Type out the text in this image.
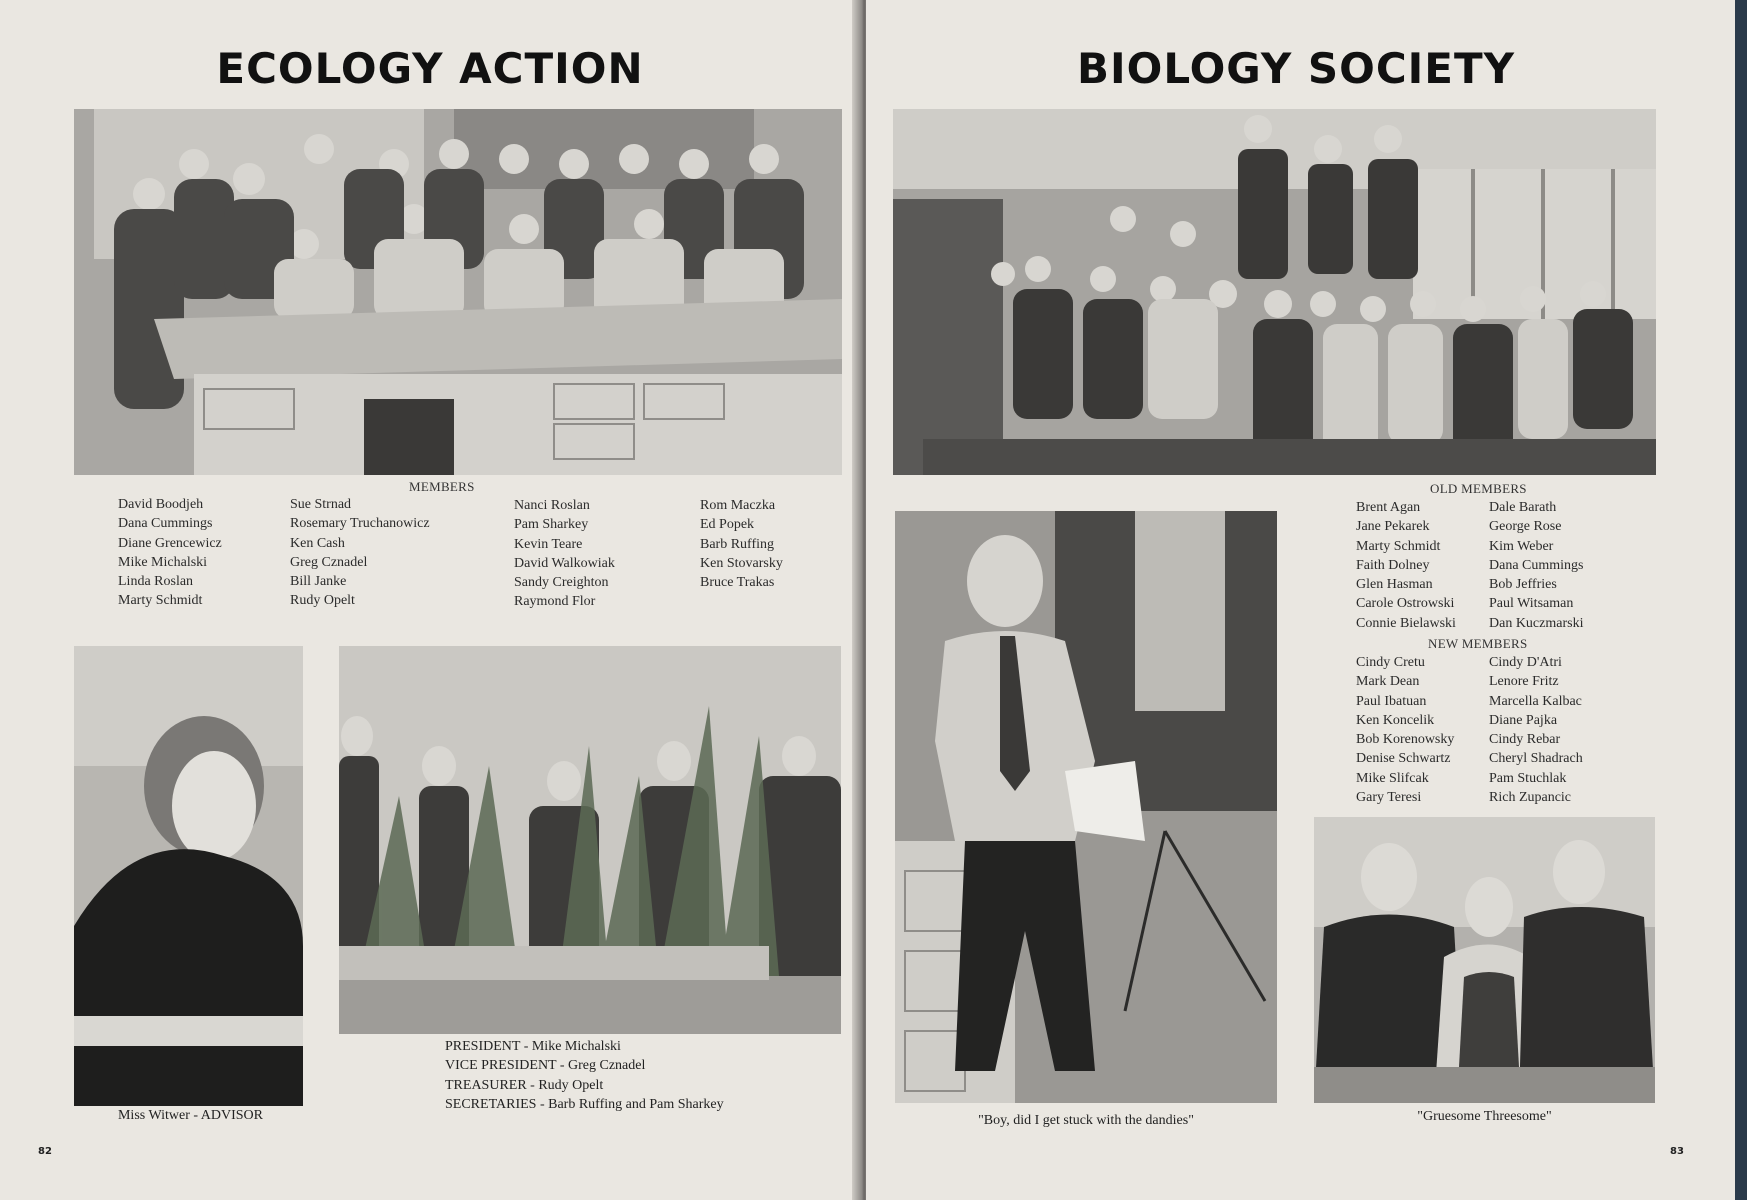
ECOLOGY ACTION
MEMBERS
David Boodjeh
Dana Cummings
Diane Grencewicz
Mike Michalski
Linda Roslan
Marty Schmidt
Sue Strnad
Rosemary Truchanowicz
Ken Cash
Greg Cznadel
Bill Janke
Rudy Opelt
Nanci Roslan
Pam Sharkey
Kevin Teare
David Walkowiak
Sandy Creighton
Raymond Flor
Rom Maczka
Ed Popek
Barb Ruffing
Ken Stovarsky
Bruce Trakas
Miss Witwer - ADVISOR
PRESIDENT - Mike Michalski
VICE PRESIDENT - Greg Cznadel
TREASURER - Rudy Opelt
SECRETARIES - Barb Ruffing and Pam Sharkey
82
BIOLOGY SOCIETY
OLD MEMBERS
Brent Agan
Jane Pekarek
Marty Schmidt
Faith Dolney
Glen Hasman
Carole Ostrowski
Connie Bielawski
Dale Barath
George Rose
Kim Weber
Dana Cummings
Bob Jeffries
Paul Witsaman
Dan Kuczmarski
NEW MEMBERS
Cindy Cretu
Mark Dean
Paul Ibatuan
Ken Koncelik
Bob Korenowsky
Denise Schwartz
Mike Slifcak
Gary Teresi
Cindy D'Atri
Lenore Fritz
Marcella Kalbac
Diane Pajka
Cindy Rebar
Cheryl Shadrach
Pam Stuchlak
Rich Zupancic
"Boy, did I get stuck with the dandies"	"Gruesome Threesome"
83
